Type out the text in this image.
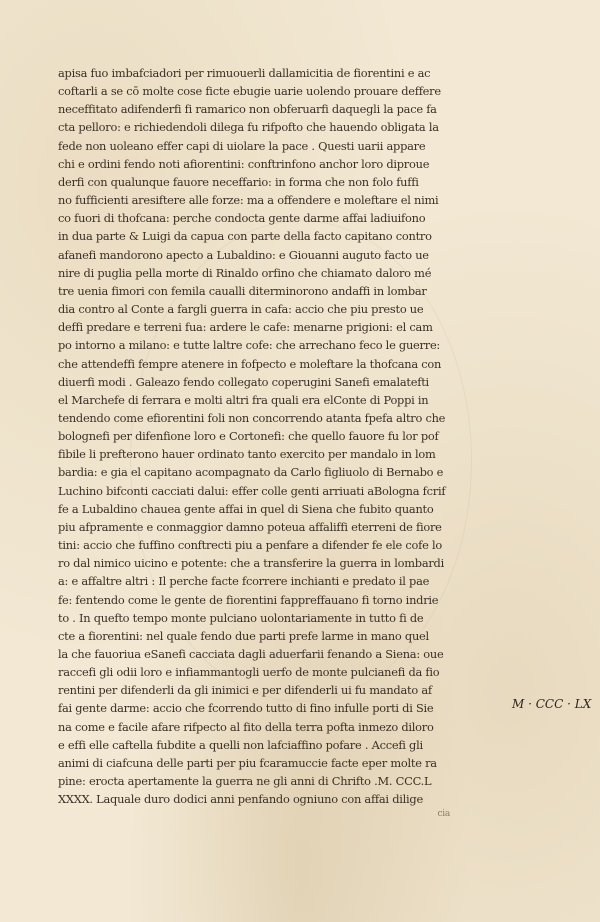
apisa fuo imbafciadori per rimuouerli dallamicitia de fiorentini e ac
coftarli a se cō molte cose ficte ebugie uarie uolendo prouare deffere
neceffitato adifenderfi fi ramarico non obferuarfi daquegli la pace fa
cta pelloro: e richiedendoli dilega fu rifpofto che hauendo obligata la
fede non uoleano effer capi di uiolare la pace . Questi uarii appare
chi e ordini fendo noti afiorentini: conftrinfono anchor loro diproue
derfi con qualunque fauore neceffario: in forma che non folo fuffi
no fufficienti aresiftere alle forze: ma a offendere e moleftare el nimi
co fuori di thofcana: perche condocta gente darme affai ladiuifono
in dua parte & Luigi da capua con parte della facto capitano contro
afanefi mandorono apecto a Lubaldino: e Giouanni auguto facto ue
nire di puglia pella morte di Rinaldo orfino che chiamato daloro mé
tre uenia fimori con femila caualli diterminorono andaffi in lombar
dia contro al Conte a fargli guerra in cafa: accio che piu presto ue
deffi predare e terreni fua: ardere le cafe: menarne prigioni: el cam
po intorno a milano: e tutte laltre cofe: che arrechano feco le guerre:
che attendeffi fempre atenere in fofpecto e moleftare la thofcana con
diuerfi modi . Galeazo fendo collegato coperugini Sanefi emalatefti
el Marchefe di ferrara e molti altri fra quali era elConte di Poppi in
tendendo come efiorentini foli non concorrendo atanta fpefa altro che
bolognefi per difenfione loro e Cortonefi: che quello fauore fu lor pof
fibile li prefterono hauer ordinato tanto exercito per mandalo in lom
bardia: e gia el capitano acompagnato da Carlo figliuolo di Bernabo e
Luchino bifconti cacciati dalui: effer colle genti arriuati aBologna fcrif
fe a Lubaldino chauea gente affai in quel di Siena che fubito quanto
piu afpramente e conmaggior damno poteua affaliffi eterreni de fiore
tini: accio che fuffino conftrecti piu a penfare a difender fe ele cofe lo
ro dal nimico uicino e potente: che a transferire la guerra in lombardi
a: e affaltre altri : Il perche facte fcorrere inchianti e predato il pae
fe: fentendo come le gente de fiorentini fappreffauano fi torno indrie
to . In quefto tempo monte pulciano uolontariamente in tutto fi de
cte a fiorentini: nel quale fendo due parti prefe larme in mano quel
la che fauoriua eSanefi cacciata dagli aduerfarii fenando a Siena: oue
raccefi gli odii loro e infiammantogli uerfo de monte pulcianefi da fio
rentini per difenderli da gli inimici e per difenderli ui fu mandato af
fai gente darme: accio che fcorrendo tutto di fino infulle porti di Sie
na come e facile afare rifpecto al fito della terra pofta inmezo diloro
e effi elle caftella fubdite a quelli non lafciaffino pofare . Accefi gli
animi di ciafcuna delle parti per piu fcaramuccie facte eper molte ra
pine: erocta apertamente la guerra ne gli anni di Chrifto .M. CCC.L
XXXX. Laquale duro dodici anni penfando ogniuno con affai dilige
cia
M · CCC · LX
